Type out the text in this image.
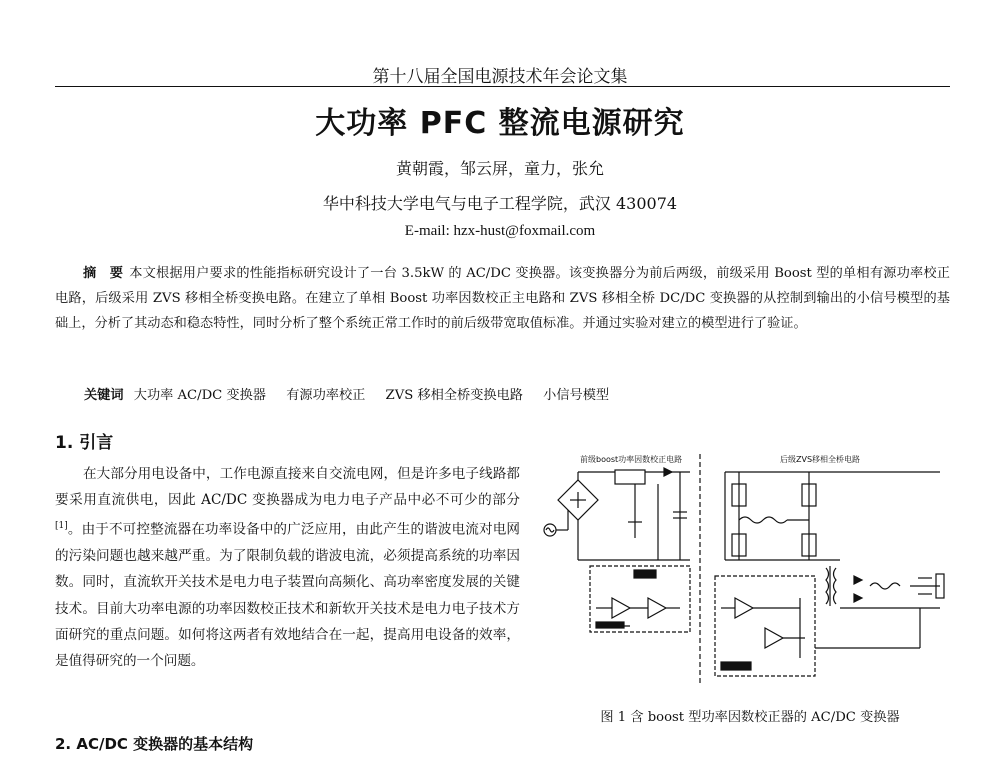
第十八届全国电源技术年会论文集
大功率 PFC 整流电源研究
黄朝霞，邹云屏，童力，张允
华中科技大学电气与电子工程学院，武汉 430074
E-mail: hzx-hust@foxmail.com
摘　要 本文根据用户要求的性能指标研究设计了一台 3.5kW 的 AC/DC 变换器。该变换器分为前后两级，前级采用 Boost 型的单相有源功率校正电路，后级采用 ZVS 移相全桥变换电路。在建立了单相 Boost 功率因数校正主电路和 ZVS 移相全桥 DC/DC 变换器的从控制到输出的小信号模型的基础上，分析了其动态和稳态特性，同时分析了整个系统正常工作时的前后级带宽取值标准。并通过实验对建立的模型进行了验证。
关键词 大功率 AC/DC 变换器 有源功率校正 ZVS 移相全桥变换电路 小信号模型
1. 引言
在大部分用电设备中，工作电源直接来自交流电网，但是许多电子线路都要采用直流供电，因此 AC/DC 变换器成为电力电子产品中必不可少的部分[1]。由于不可控整流器在功率设备中的广泛应用，由此产生的谐波电流对电网的污染问题也越来越严重。为了限制负载的谐波电流，必须提高系统的功率因数。同时，直流软开关技术是电力电子装置向高频化、高功率密度发展的关键技术。目前大功率电源的功率因数校正技术和新软开关技术是电力电子技术方面研究的重点问题。如何将这两者有效地结合在一起，提高用电设备的效率，是值得研究的一个问题。
前级boost功率因数校正电路	后级ZVS移相全桥电路
图 1 含 boost 型功率因数校正器的 AC/DC 变换器
2. AC/DC 变换器的基本结构
